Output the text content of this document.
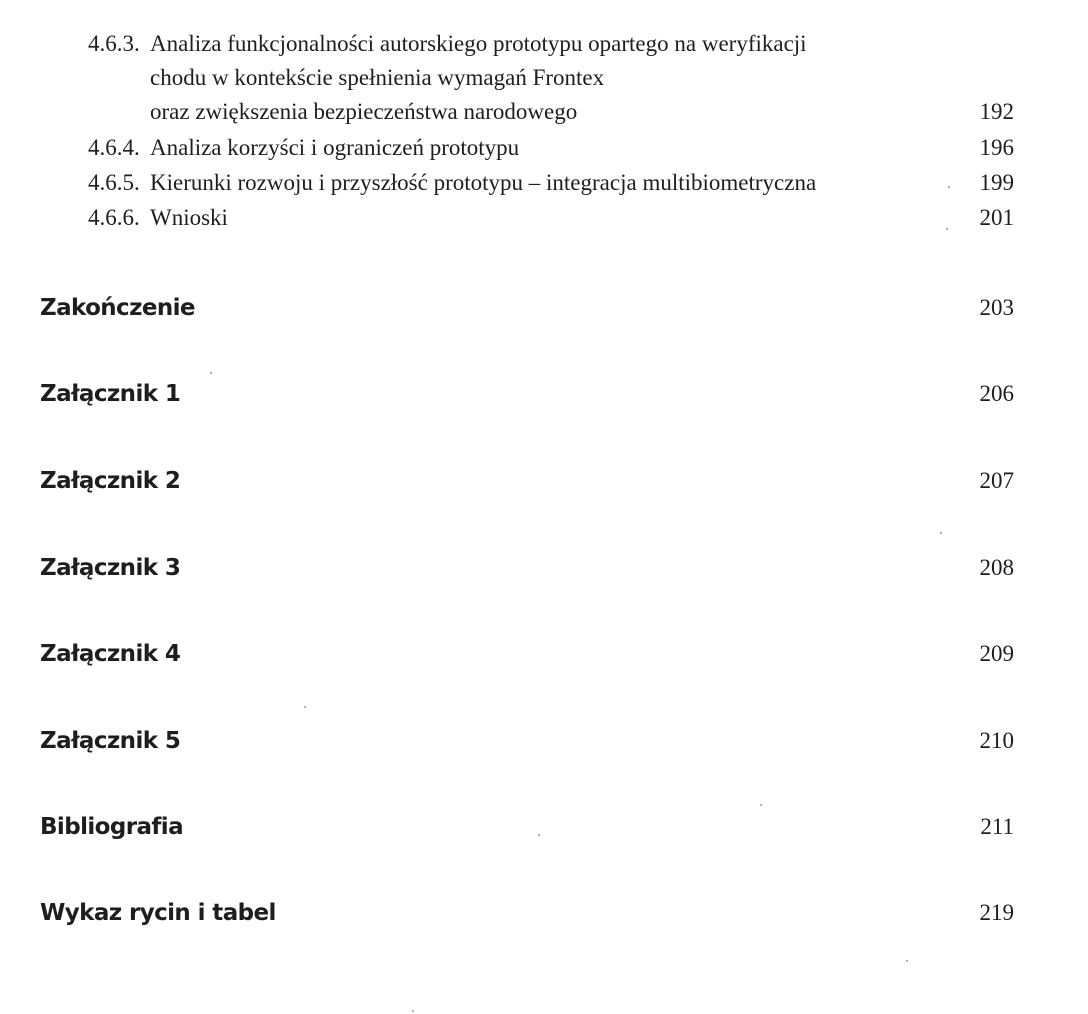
4.6.3. Analiza funkcjonalności autorskiego prototypu opartego na weryfikacji
chodu w kontekście spełnienia wymagań Frontex
oraz zwiększenia bezpieczeństwa narodowego	192
4.6.4. Analiza korzyści i ograniczeń prototypu	196
4.6.5. Kierunki rozwoju i przyszłość prototypu – integracja multibiometryczna	199
4.6.6. Wnioski	201
Zakończenie	203
Załącznik 1	206
Załącznik 2	207
Załącznik 3	208
Załącznik 4	209
Załącznik 5	210
Bibliografia	211
Wykaz rycin i tabel	219
